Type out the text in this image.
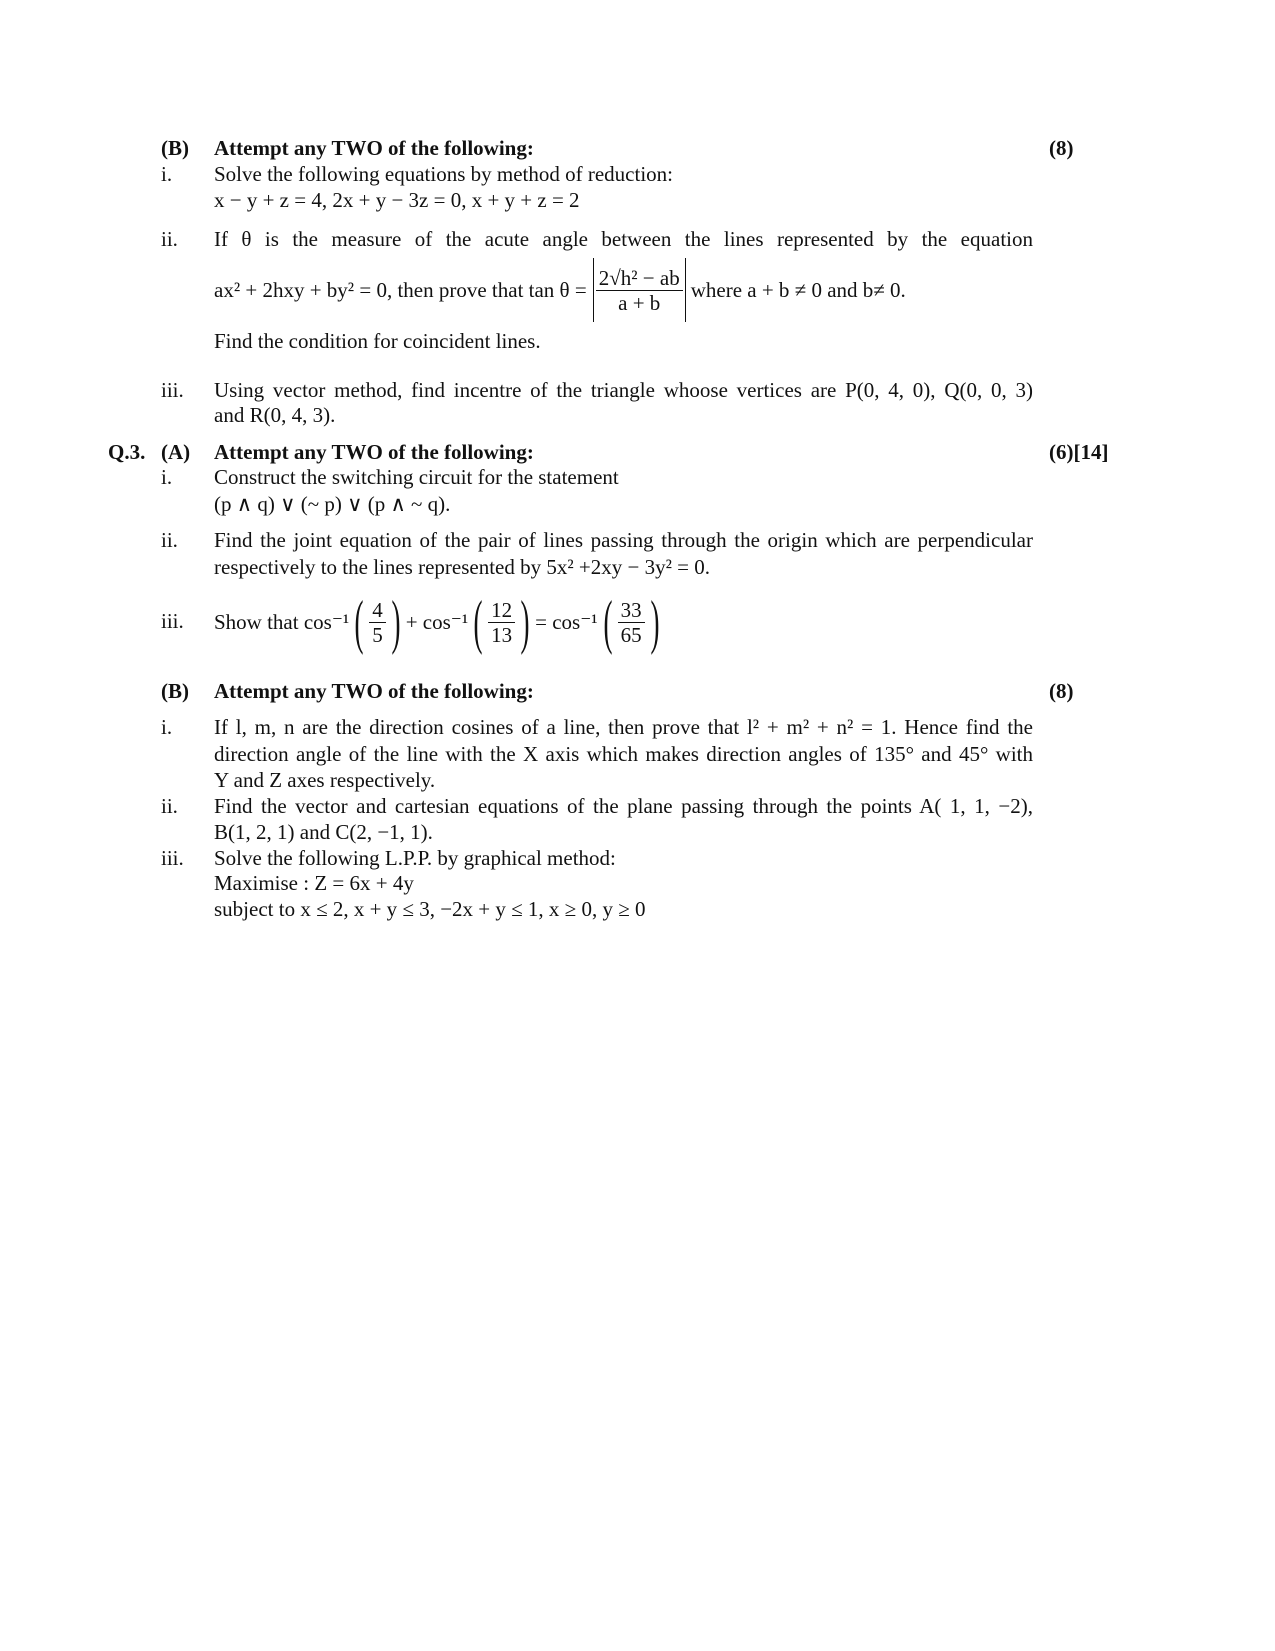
(B) Attempt any TWO of the following:	(8)
i. Solve the following equations by method of reduction:
x − y + z = 4, 2x + y − 3z = 0, x + y + z = 2
ii. If θ is the measure of the acute angle between the lines represented by the equation
ax² + 2hxy + by² = 0, then prove that $\tan \theta = \frac{\text{2√h² − ab}}{a + b}$ where a + b ≠ 0 and b≠ 0.
Find the condition for coincident lines.
iii. Using vector method, find incentre of the triangle whoose vertices are P(0, 4, 0), Q(0, 0, 3)
and R(0, 4, 3).
Q.3. (A) Attempt any TWO of the following:	(6)[14]
i. Construct the switching circuit for the statement
(p ∧ q) ∨ (~ p) ∨ (p ∧ ~ q).
ii. Find the joint equation of the pair of lines passing through the origin which are perpendicular
respectively to the lines represented by 5x² +2xy − 3y² = 0.
iii. Show that cos⁻¹ ( $\frac{4}{5}$ ) + cos⁻¹ ( $\frac{12}{13}$ ) = cos⁻¹ ( $\frac{33}{65}$ )
(B) Attempt any TWO of the following:	(8)
i. If l, m, n are the direction cosines of a line, then prove that l² + m² + n² = 1. Hence find the
direction angle of the line with the X axis which makes direction angles of 135° and 45° with
Y and Z axes respectively.
ii. Find the vector and cartesian equations of the plane passing through the points A( 1, 1, −2),
B(1, 2, 1) and C(2, −1, 1).
iii. Solve the following L.P.P. by graphical method:
Maximise : Z = 6x + 4y
subject to x ≤ 2, x + y ≤ 3, −2x + y ≤ 1, x ≥ 0, y ≥ 0
